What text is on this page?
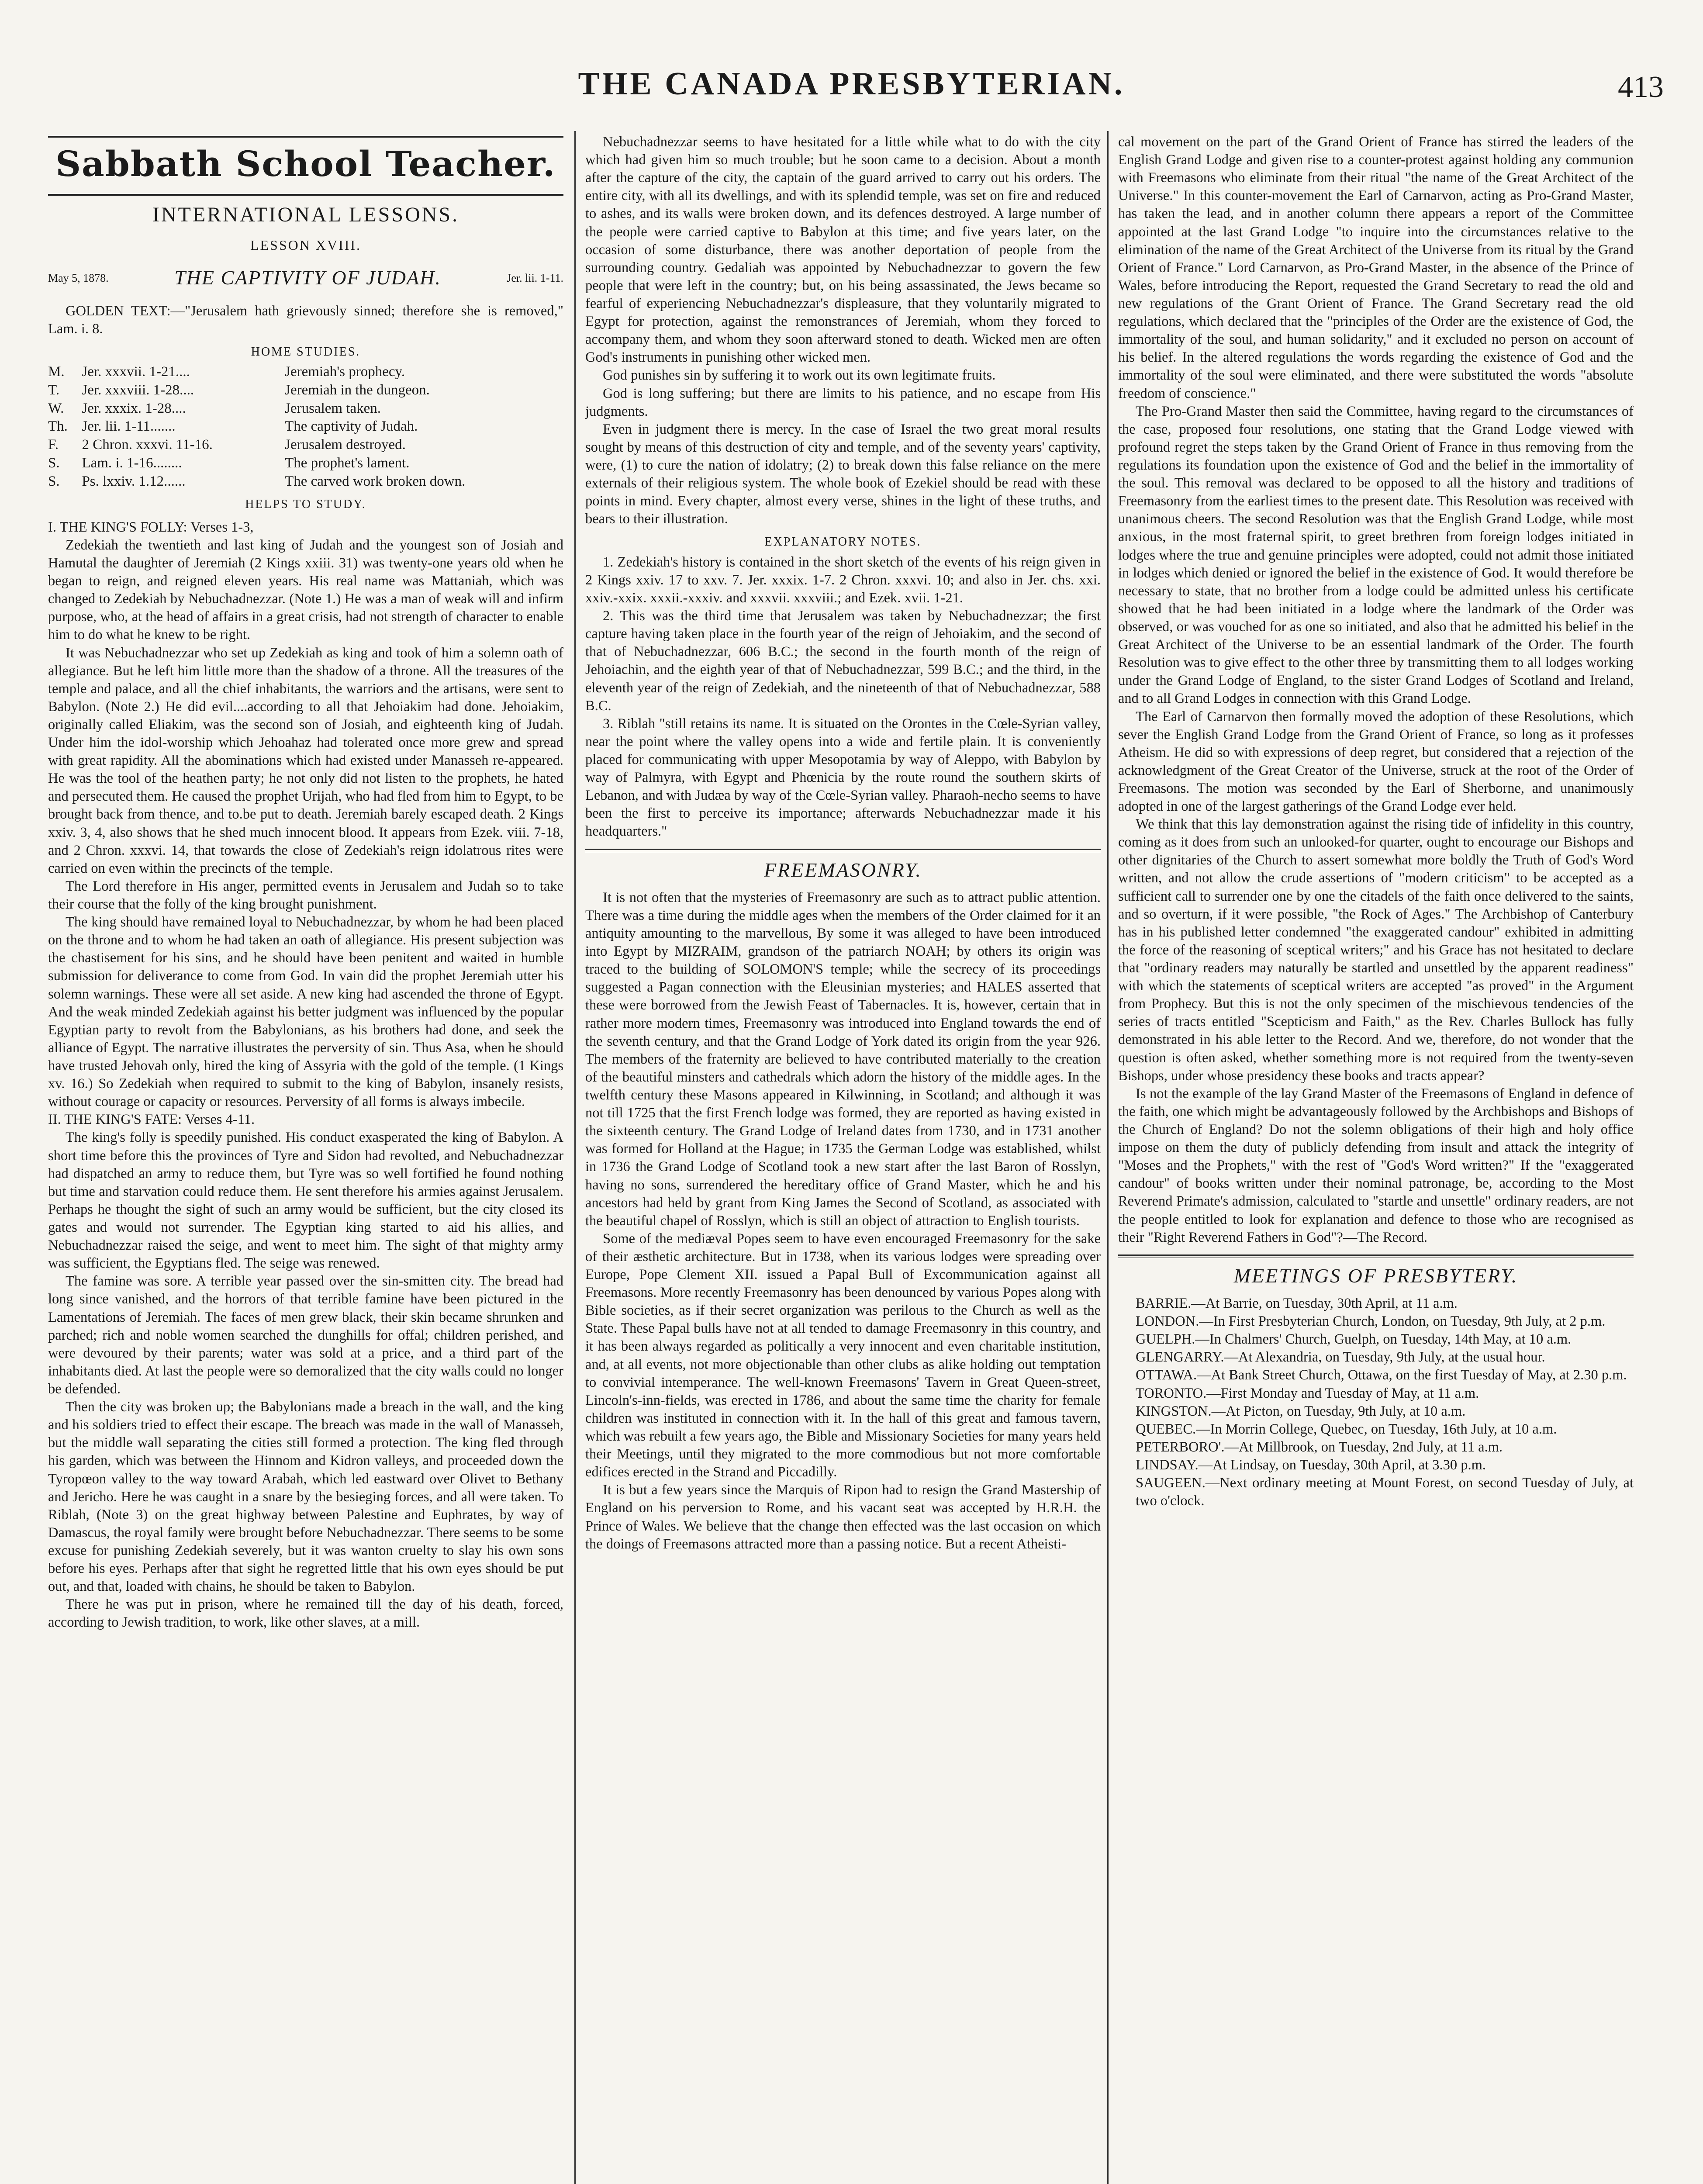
THE CANADA PRESBYTERIAN.	413
Sabbath School Teacher.
INTERNATIONAL LESSONS.
LESSON XVIII.
May 5, 1878.	THE CAPTIVITY OF JUDAH.	Jer. lii. 1-11.

GOLDEN TEXT:—"Jerusalem hath grievously sinned; therefore she is removed," Lam. i. 8.

HOME STUDIES.
M.	Jer. xxxvii. 1-21....	Jeremiah's prophecy.
T.	Jer. xxxviii. 1-28....	Jeremiah in the dungeon.
W.	Jer. xxxix. 1-28....	Jerusalem taken.
Th.	Jer. lii. 1-11.......	The captivity of Judah.
F.	2 Chron. xxxvi. 11-16.	Jerusalem destroyed.
S.	Lam. i. 1-16........	The prophet's lament.
S.	Ps. lxxiv. 1.12......	The carved work broken down.
HELPS TO STUDY.

I. THE KING'S FOLLY: Verses 1-3,

Zedekiah the twentieth and last king of Judah and the youngest son of Josiah and Hamutal the daughter of Jeremiah (2 Kings xxiii. 31) was twenty-one years old when he began to reign, and reigned eleven years. His real name was Mattaniah, which was changed to Zedekiah by Nebuchadnezzar. (Note 1.) He was a man of weak will and infirm purpose, who, at the head of affairs in a great crisis, had not strength of character to enable him to do what he knew to be right.

It was Nebuchadnezzar who set up Zedekiah as king and took of him a solemn oath of allegiance. But he left him little more than the shadow of a throne. All the treasures of the temple and palace, and all the chief inhabitants, the warriors and the artisans, were sent to Babylon. (Note 2.) He did evil....according to all that Jehoiakim had done. Jehoiakim, originally called Eliakim, was the second son of Josiah, and eighteenth king of Judah. Under him the idol-worship which Jehoahaz had tolerated once more grew and spread with great rapidity. All the abominations which had existed under Manasseh re-appeared. He was the tool of the heathen party; he not only did not listen to the prophets, he hated and persecuted them. He caused the prophet Urijah, who had fled from him to Egypt, to be brought back from thence, and to.be put to death. Jeremiah barely escaped death. 2 Kings xxiv. 3, 4, also shows that he shed much innocent blood. It appears from Ezek. viii. 7-18, and 2 Chron. xxxvi. 14, that towards the close of Zedekiah's reign idolatrous rites were carried on even within the precincts of the temple.

The Lord therefore in His anger, permitted events in Jerusalem and Judah so to take their course that the folly of the king brought punishment.

The king should have remained loyal to Nebuchadnezzar, by whom he had been placed on the throne and to whom he had taken an oath of allegiance. His present subjection was the chastisement for his sins, and he should have been penitent and waited in humble submission for deliverance to come from God. In vain did the prophet Jeremiah utter his solemn warnings. These were all set aside. A new king had ascended the throne of Egypt. And the weak minded Zedekiah against his better judgment was influenced by the popular Egyptian party to revolt from the Babylonians, as his brothers had done, and seek the alliance of Egypt. The narrative illustrates the perversity of sin. Thus Asa, when he should have trusted Jehovah only, hired the king of Assyria with the gold of the temple. (1 Kings xv. 16.) So Zedekiah when required to submit to the king of Babylon, insanely resists, without courage or capacity or resources. Perversity of all forms is always imbecile.

II. THE KING'S FATE: Verses 4-11.

The king's folly is speedily punished. His conduct exasperated the king of Babylon. A short time before this the provinces of Tyre and Sidon had revolted, and Nebuchadnezzar had dispatched an army to reduce them, but Tyre was so well fortified he found nothing but time and starvation could reduce them. He sent therefore his armies against Jerusalem. Perhaps he thought the sight of such an army would be sufficient, but the city closed its gates and would not surrender. The Egyptian king started to aid his allies, and Nebuchadnezzar raised the seige, and went to meet him. The sight of that mighty army was sufficient, the Egyptians fled. The seige was renewed.

The famine was sore. A terrible year passed over the sin-smitten city. The bread had long since vanished, and the horrors of that terrible famine have been pictured in the Lamentations of Jeremiah. The faces of men grew black, their skin became shrunken and parched; rich and noble women searched the dunghills for offal; children perished, and were devoured by their parents; water was sold at a price, and a third part of the inhabitants died. At last the people were so demoralized that the city walls could no longer be defended.

Then the city was broken up; the Babylonians made a breach in the wall, and the king and his soldiers tried to effect their escape. The breach was made in the wall of Manasseh, but the middle wall separating the cities still formed a protection. The king fled through his garden, which was between the Hinnom and Kidron valleys, and proceeded down the Tyropœon valley to the way toward Arabah, which led eastward over Olivet to Bethany and Jericho. Here he was caught in a snare by the besieging forces, and all were taken. To Riblah, (Note 3) on the great highway between Palestine and Euphrates, by way of Damascus, the royal family were brought before Nebuchadnezzar. There seems to be some excuse for punishing Zedekiah severely, but it was wanton cruelty to slay his own sons before his eyes. Perhaps after that sight he regretted little that his own eyes should be put out, and that, loaded with chains, he should be taken to Babylon.

There he was put in prison, where he remained till the day of his death, forced, according to Jewish tradition, to work, like other slaves, at a mill.

Nebuchadnezzar seems to have hesitated for a little while what to do with the city which had given him so much trouble; but he soon came to a decision. About a month after the capture of the city, the captain of the guard arrived to carry out his orders. The entire city, with all its dwellings, and with its splendid temple, was set on fire and reduced to ashes, and its walls were broken down, and its defences destroyed. A large number of the people were carried captive to Babylon at this time; and five years later, on the occasion of some disturbance, there was another deportation of people from the surrounding country. Gedaliah was appointed by Nebuchadnezzar to govern the few people that were left in the country; but, on his being assassinated, the Jews became so fearful of experiencing Nebuchadnezzar's displeasure, that they voluntarily migrated to Egypt for protection, against the remonstrances of Jeremiah, whom they forced to accompany them, and whom they soon afterward stoned to death. Wicked men are often God's instruments in punishing other wicked men.

God punishes sin by suffering it to work out its own legitimate fruits.

God is long suffering; but there are limits to his patience, and no escape from His judgments.

Even in judgment there is mercy. In the case of Israel the two great moral results sought by means of this destruction of city and temple, and of the seventy years' captivity, were, (1) to cure the nation of idolatry; (2) to break down this false reliance on the mere externals of their religious system. The whole book of Ezekiel should be read with these points in mind. Every chapter, almost every verse, shines in the light of these truths, and bears to their illustration.

EXPLANATORY NOTES.

1. Zedekiah's history is contained in the short sketch of the events of his reign given in 2 Kings xxiv. 17 to xxv. 7. Jer. xxxix. 1-7. 2 Chron. xxxvi. 10; and also in Jer. chs. xxi. xxiv.-xxix. xxxii.-xxxiv. and xxxvii. xxxviii.; and Ezek. xvii. 1-21.

2. This was the third time that Jerusalem was taken by Nebuchadnezzar; the first capture having taken place in the fourth year of the reign of Jehoiakim, and the second of that of Nebuchadnezzar, 606 B.C.; the second in the fourth month of the reign of Jehoiachin, and the eighth year of that of Nebuchadnezzar, 599 B.C.; and the third, in the eleventh year of the reign of Zedekiah, and the nineteenth of that of Nebuchadnezzar, 588 B.C.

3. Riblah "still retains its name. It is situated on the Orontes in the Cœle-Syrian valley, near the point where the valley opens into a wide and fertile plain. It is conveniently placed for communicating with upper Mesopotamia by way of Aleppo, with Babylon by way of Palmyra, with Egypt and Phœnicia by the route round the southern skirts of Lebanon, and with Judæa by way of the Cœle-Syrian valley. Pharaoh-necho seems to have been the first to perceive its importance; afterwards Nebuchadnezzar made it his headquarters."

FREEMASONRY.

It is not often that the mysteries of Freemasonry are such as to attract public attention. There was a time during the middle ages when the members of the Order claimed for it an antiquity amounting to the marvellous, By some it was alleged to have been introduced into Egypt by MIZRAIM, grandson of the patriarch NOAH; by others its origin was traced to the building of SOLOMON'S temple; while the secrecy of its proceedings suggested a Pagan connection with the Eleusinian mysteries; and HALES asserted that these were borrowed from the Jewish Feast of Tabernacles. It is, however, certain that in rather more modern times, Freemasonry was introduced into England towards the end of the seventh century, and that the Grand Lodge of York dated its origin from the year 926. The members of the fraternity are believed to have contributed materially to the creation of the beautiful minsters and cathedrals which adorn the history of the middle ages. In the twelfth century these Masons appeared in Kilwinning, in Scotland; and although it was not till 1725 that the first French lodge was formed, they are reported as having existed in the sixteenth century. The Grand Lodge of Ireland dates from 1730, and in 1731 another was formed for Holland at the Hague; in 1735 the German Lodge was established, whilst in 1736 the Grand Lodge of Scotland took a new start after the last Baron of Rosslyn, having no sons, surrendered the hereditary office of Grand Master, which he and his ancestors had held by grant from King James the Second of Scotland, as associated with the beautiful chapel of Rosslyn, which is still an object of attraction to English tourists.

Some of the mediæval Popes seem to have even encouraged Freemasonry for the sake of their æsthetic architecture. But in 1738, when its various lodges were spreading over Europe, Pope Clement XII. issued a Papal Bull of Excommunication against all Freemasons. More recently Freemasonry has been denounced by various Popes along with Bible societies, as if their secret organization was perilous to the Church as well as the State. These Papal bulls have not at all tended to damage Freemasonry in this country, and it has been always regarded as politically a very innocent and even charitable institution, and, at all events, not more objectionable than other clubs as alike holding out temptation to convivial intemperance. The well-known Freemasons' Tavern in Great Queen-street, Lincoln's-inn-fields, was erected in 1786, and about the same time the charity for female children was instituted in connection with it. In the hall of this great and famous tavern, which was rebuilt a few years ago, the Bible and Missionary Societies for many years held their Meetings, until they migrated to the more commodious but not more comfortable edifices erected in the Strand and Piccadilly.

It is but a few years since the Marquis of Ripon had to resign the Grand Mastership of England on his perversion to Rome, and his vacant seat was accepted by H.R.H. the Prince of Wales. We believe that the change then effected was the last occasion on which the doings of Freemasons attracted more than a passing notice. But a recent Atheisti-

cal movement on the part of the Grand Orient of France has stirred the leaders of the English Grand Lodge and given rise to a counter-protest against holding any communion with Freemasons who eliminate from their ritual "the name of the Great Architect of the Universe." In this counter-movement the Earl of Carnarvon, acting as Pro-Grand Master, has taken the lead, and in another column there appears a report of the Committee appointed at the last Grand Lodge "to inquire into the circumstances relative to the elimination of the name of the Great Architect of the Universe from its ritual by the Grand Orient of France." Lord Carnarvon, as Pro-Grand Master, in the absence of the Prince of Wales, before introducing the Report, requested the Grand Secretary to read the old and new regulations of the Grant Orient of France. The Grand Secretary read the old regulations, which declared that the "principles of the Order are the existence of God, the immortality of the soul, and human solidarity," and it excluded no person on account of his belief. In the altered regulations the words regarding the existence of God and the immortality of the soul were eliminated, and there were substituted the words "absolute freedom of conscience."

The Pro-Grand Master then said the Committee, having regard to the circumstances of the case, proposed four resolutions, one stating that the Grand Lodge viewed with profound regret the steps taken by the Grand Orient of France in thus removing from the regulations its foundation upon the existence of God and the belief in the immortality of the soul. This removal was declared to be opposed to all the history and traditions of Freemasonry from the earliest times to the present date. This Resolution was received with unanimous cheers. The second Resolution was that the English Grand Lodge, while most anxious, in the most fraternal spirit, to greet brethren from foreign lodges initiated in lodges where the true and genuine principles were adopted, could not admit those initiated in lodges which denied or ignored the belief in the existence of God. It would therefore be necessary to state, that no brother from a lodge could be admitted unless his certificate showed that he had been initiated in a lodge where the landmark of the Order was observed, or was vouched for as one so initiated, and also that he admitted his belief in the Great Architect of the Universe to be an essential landmark of the Order. The fourth Resolution was to give effect to the other three by transmitting them to all lodges working under the Grand Lodge of England, to the sister Grand Lodges of Scotland and Ireland, and to all Grand Lodges in connection with this Grand Lodge.

The Earl of Carnarvon then formally moved the adoption of these Resolutions, which sever the English Grand Lodge from the Grand Orient of France, so long as it professes Atheism. He did so with expressions of deep regret, but considered that a rejection of the acknowledgment of the Great Creator of the Universe, struck at the root of the Order of Freemasons. The motion was seconded by the Earl of Sherborne, and unanimously adopted in one of the largest gatherings of the Grand Lodge ever held.

We think that this lay demonstration against the rising tide of infidelity in this country, coming as it does from such an unlooked-for quarter, ought to encourage our Bishops and other dignitaries of the Church to assert somewhat more boldly the Truth of God's Word written, and not allow the crude assertions of "modern criticism" to be accepted as a sufficient call to surrender one by one the citadels of the faith once delivered to the saints, and so overturn, if it were possible, "the Rock of Ages." The Archbishop of Canterbury has in his published letter condemned "the exaggerated candour" exhibited in admitting the force of the reasoning of sceptical writers;" and his Grace has not hesitated to declare that "ordinary readers may naturally be startled and unsettled by the apparent readiness" with which the statements of sceptical writers are accepted "as proved" in the Argument from Prophecy. But this is not the only specimen of the mischievous tendencies of the series of tracts entitled "Scepticism and Faith," as the Rev. Charles Bullock has fully demonstrated in his able letter to the Record. And we, therefore, do not wonder that the question is often asked, whether something more is not required from the twenty-seven Bishops, under whose presidency these books and tracts appear?

Is not the example of the lay Grand Master of the Freemasons of England in defence of the faith, one which might be advantageously followed by the Archbishops and Bishops of the Church of England? Do not the solemn obligations of their high and holy office impose on them the duty of publicly defending from insult and attack the integrity of "Moses and the Prophets," with the rest of "God's Word written?" If the "exaggerated candour" of books written under their nominal patronage, be, according to the Most Reverend Primate's admission, calculated to "startle and unsettle" ordinary readers, are not the people entitled to look for explanation and defence to those who are recognised as their "Right Reverend Fathers in God"?—The Record.

MEETINGS OF PRESBYTERY.

BARRIE.—At Barrie, on Tuesday, 30th April, at 11 a.m.

LONDON.—In First Presbyterian Church, London, on Tuesday, 9th July, at 2 p.m.

GUELPH.—In Chalmers' Church, Guelph, on Tuesday, 14th May, at 10 a.m.

GLENGARRY.—At Alexandria, on Tuesday, 9th July, at the usual hour.

OTTAWA.—At Bank Street Church, Ottawa, on the first Tuesday of May, at 2.30 p.m.

TORONTO.—First Monday and Tuesday of May, at 11 a.m.

KINGSTON.—At Picton, on Tuesday, 9th July, at 10 a.m.

QUEBEC.—In Morrin College, Quebec, on Tuesday, 16th July, at 10 a.m.

PETERBORO'.—At Millbrook, on Tuesday, 2nd July, at 11 a.m.

LINDSAY.—At Lindsay, on Tuesday, 30th April, at 3.30 p.m.

SAUGEEN.—Next ordinary meeting at Mount Forest, on second Tuesday of July, at two o'clock.
